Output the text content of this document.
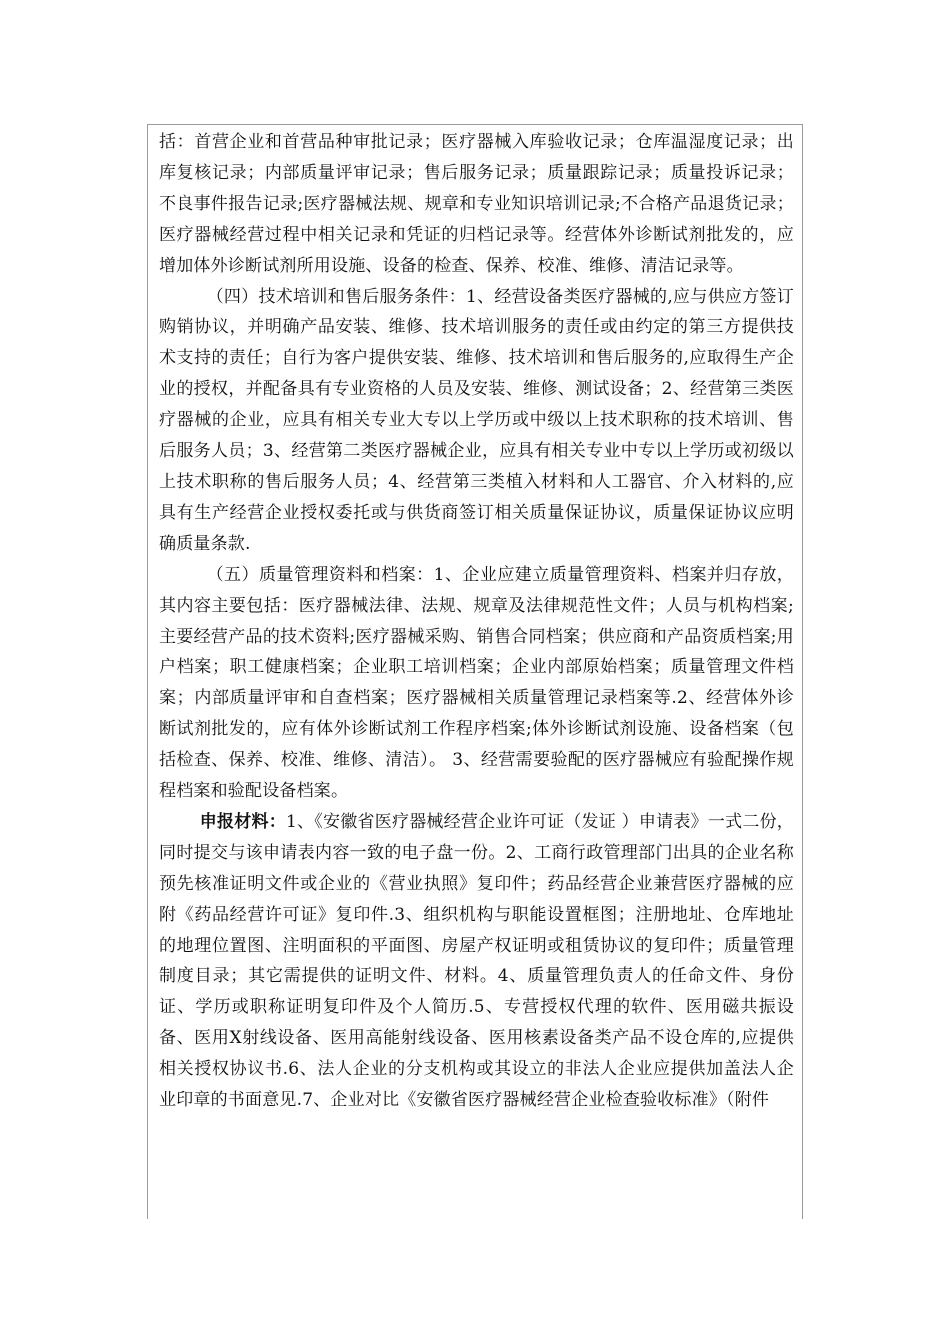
括：首营企业和首营品种审批记录；医疗器械入库验收记录；仓库温湿度记录；出库复核记录；内部质量评审记录；售后服务记录；质量跟踪记录；质量投诉记录；不良事件报告记录;医疗器械法规、规章和专业知识培训记录;不合格产品退货记录；医疗器械经营过程中相关记录和凭证的归档记录等。经营体外诊断试剂批发的，应增加体外诊断试剂所用设施、设备的检查、保养、校准、维修、清洁记录等。

（四）技术培训和售后服务条件：1、经营设备类医疗器械的,应与供应方签订购销协议，并明确产品安装、维修、技术培训服务的责任或由约定的第三方提供技术支持的责任；自行为客户提供安装、维修、技术培训和售后服务的,应取得生产企业的授权，并配备具有专业资格的人员及安装、维修、测试设备；2、经营第三类医疗器械的企业，应具有相关专业大专以上学历或中级以上技术职称的技术培训、售后服务人员；3、经营第二类医疗器械企业，应具有相关专业中专以上学历或初级以上技术职称的售后服务人员；4、经营第三类植入材料和人工器官、介入材料的,应具有生产经营企业授权委托或与供货商签订相关质量保证协议，质量保证协议应明确质量条款.

（五）质量管理资料和档案：1、企业应建立质量管理资料、档案并归存放，其内容主要包括：医疗器械法律、法规、规章及法律规范性文件；人员与机构档案;主要经营产品的技术资料;医疗器械采购、销售合同档案；供应商和产品资质档案;用户档案；职工健康档案；企业职工培训档案；企业内部原始档案；质量管理文件档案；内部质量评审和自查档案；医疗器械相关质量管理记录档案等.2、经营体外诊断试剂批发的，应有体外诊断试剂工作程序档案;体外诊断试剂设施、设备档案（包括检查、保养、校准、维修、清洁）。 3、经营需要验配的医疗器械应有验配操作规程档案和验配设备档案。

申报材料：1、《安徽省医疗器械经营企业许可证（发证 ）申请表》一式二份，同时提交与该申请表内容一致的电子盘一份。2、工商行政管理部门出具的企业名称预先核准证明文件或企业的《营业执照》复印件；药品经营企业兼营医疗器械的应附《药品经营许可证》复印件.3、组织机构与职能设置框图；注册地址、仓库地址的地理位置图、注明面积的平面图、房屋产权证明或租赁协议的复印件；质量管理制度目录；其它需提供的证明文件、材料。4、质量管理负责人的任命文件、身份证、学历或职称证明复印件及个人简历.5、专营授权代理的软件、医用磁共振设备、医用X射线设备、医用高能射线设备、医用核素设备类产品不设仓库的,应提供相关授权协议书.6、法人企业的分支机构或其设立的非法人企业应提供加盖法人企业印章的书面意见.7、企业对比《安徽省医疗器械经营企业检查验收标准》（附件
